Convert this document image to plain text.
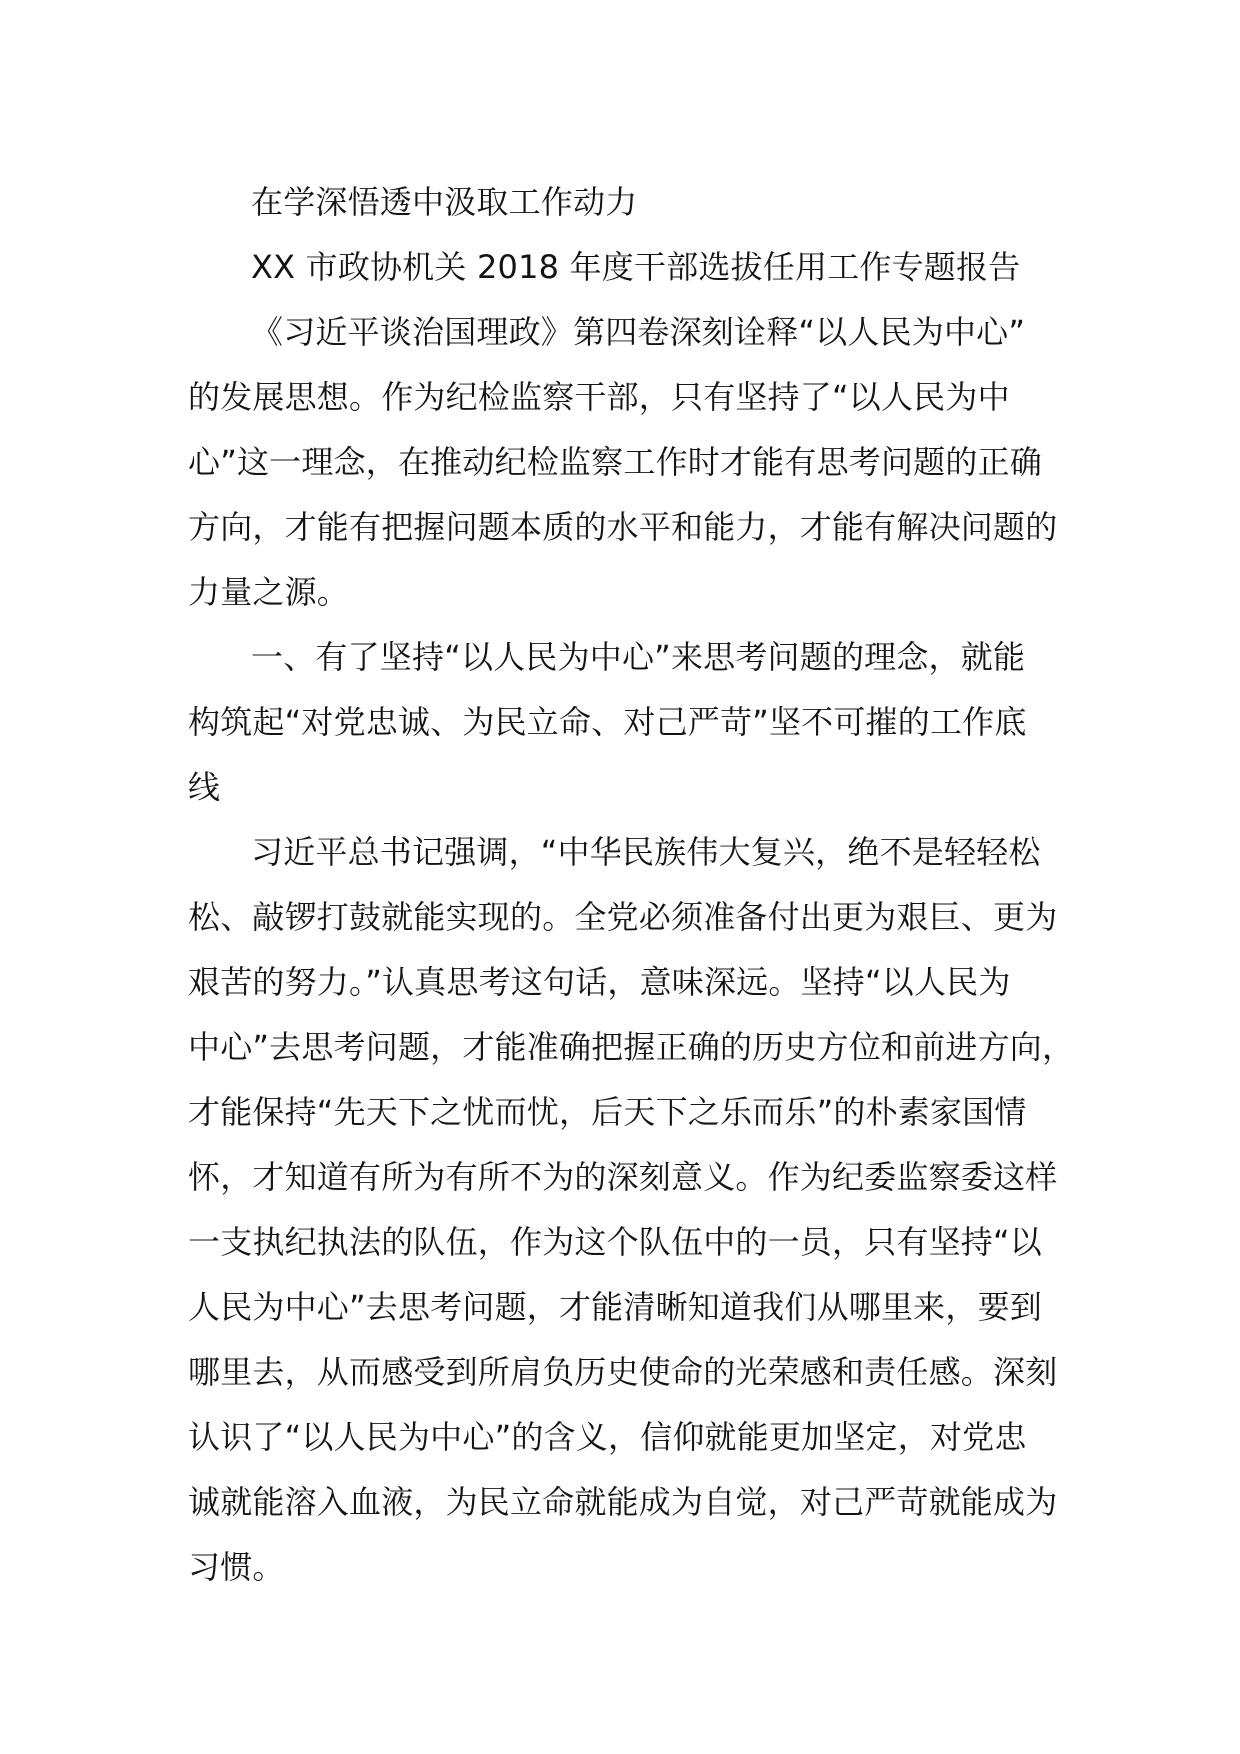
在学深悟透中汲取工作动力
XX 市政协机关 2018 年度干部选拔任用工作专题报告
《习近平谈治国理政》第四卷深刻诠释“以人民为中心”
的发展思想。作为纪检监察干部，只有坚持了“以人民为中
心”这一理念，在推动纪检监察工作时才能有思考问题的正确
方向，才能有把握问题本质的水平和能力，才能有解决问题的
力量之源。
一、有了坚持“以人民为中心”来思考问题的理念，就能
构筑起“对党忠诚、为民立命、对己严苛”坚不可摧的工作底
线
习近平总书记强调，“中华民族伟大复兴，绝不是轻轻松
松、敲锣打鼓就能实现的。全党必须准备付出更为艰巨、更为
艰苦的努力。”认真思考这句话，意味深远。坚持“以人民为
中心”去思考问题，才能准确把握正确的历史方位和前进方向，
才能保持“先天下之忧而忧，后天下之乐而乐”的朴素家国情
怀，才知道有所为有所不为的深刻意义。作为纪委监察委这样
一支执纪执法的队伍，作为这个队伍中的一员，只有坚持“以
人民为中心”去思考问题，才能清晰知道我们从哪里来，要到
哪里去，从而感受到所肩负历史使命的光荣感和责任感。深刻
认识了“以人民为中心”的含义，信仰就能更加坚定，对党忠
诚就能溶入血液，为民立命就能成为自觉，对己严苛就能成为
习惯。
